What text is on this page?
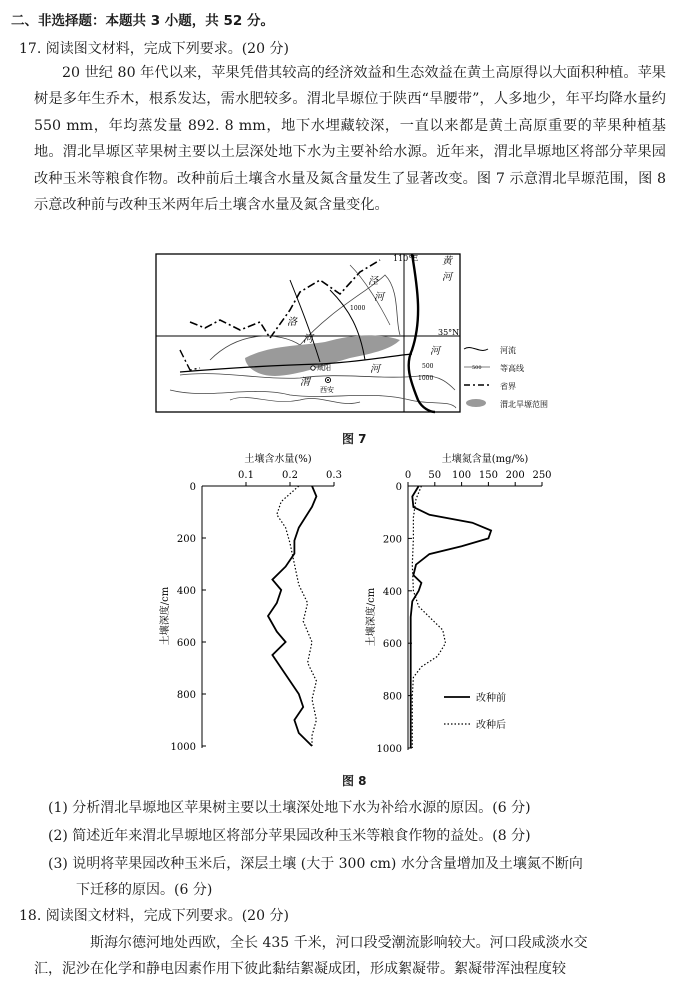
二、非选择题：本题共 3 小题，共 52 分。
17. 阅读图文材料，完成下列要求。(20 分)
20 世纪 80 年代以来，苹果凭借其较高的经济效益和生态效益在黄土高原得以大面积种植。苹果树是多年生乔木，根系发达，需水肥较多。渭北旱塬位于陕西“旱腰带”，人多地少，年平均降水量约 550 mm，年均蒸发量 892. 8 mm，地下水埋藏较深，一直以来都是黄土高原重要的苹果种植基地。渭北旱塬区苹果树主要以土层深处地下水为主要补给水源。近年来，渭北旱塬地区将部分苹果园改种玉米等粮食作物。改种前后土壤含水量及氮含量发生了显著改变。图 7 示意渭北旱塬范围，图 8 示意改种前与改种玉米两年后土壤含水量及氮含量变化。
110°E
35°N
黄
河
泾
河
洛
河
渭
河
河
1000
500
1000
咸阳
西安
河流
500 等高线
省界
渭北旱塬范围
图 7
土壤含水量(%)
0.1	0.2	0.3
0
200
400
600
800
1000
土壤深度/cm
土壤氮含量(mg/%)
0 50 100 150 200 250
0
200
400
600
800
1000
土壤深度/cm
改种前
改种后
图 8
(1) 分析渭北旱塬地区苹果树主要以土壤深处地下水为补给水源的原因。(6 分)
(2) 简述近年来渭北旱塬地区将部分苹果园改种玉米等粮食作物的益处。(8 分)
(3) 说明将苹果园改种玉米后，深层土壤 (大于 300 cm) 水分含量增加及土壤氮不断向
下迁移的原因。(6 分)
18. 阅读图文材料，完成下列要求。(20 分)
斯海尔德河地处西欧，全长 435 千米，河口段受潮流影响较大。河口段咸淡水交
汇，泥沙在化学和静电因素作用下彼此黏结絮凝成团，形成絮凝带。絮凝带浑浊程度较
